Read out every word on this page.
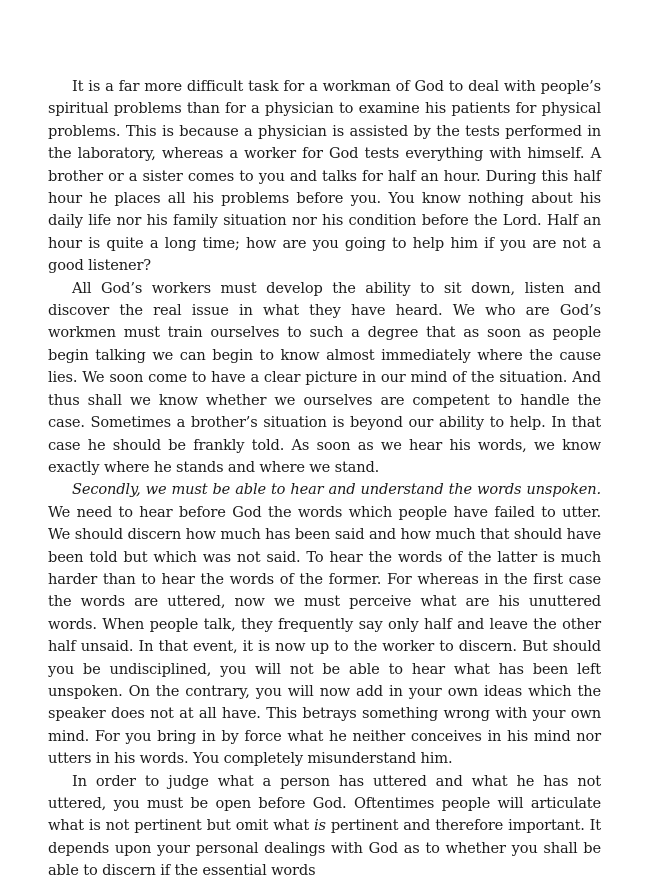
It is a far more difficult task for a workman of God to deal with people’s spiritual problems than for a physician to examine his patients for physical problems. This is because a physician is assisted by the tests performed in the laboratory, whereas a worker for God tests everything with himself. A brother or a sister comes to you and talks for half an hour. During this half hour he places all his problems before you. You know nothing about his daily life nor his family situation nor his condition before the Lord. Half an hour is quite a long time; how are you going to help him if you are not a good listener?

All God’s workers must develop the ability to sit down, listen and discover the real issue in what they have heard. We who are God’s workmen must train ourselves to such a degree that as soon as people begin talking we can begin to know almost immediately where the cause lies. We soon come to have a clear picture in our mind of the situation. And thus shall we know whether we ourselves are competent to handle the case. Sometimes a brother’s situation is beyond our ability to help. In that case he should be frankly told. As soon as we hear his words, we know exactly where he stands and where we stand.

Secondly, we must be able to hear and understand the words unspoken. We need to hear before God the words which people have failed to utter. We should discern how much has been said and how much that should have been told but which was not said. To hear the words of the latter is much harder than to hear the words of the former. For whereas in the first case the words are uttered, now we must perceive what are his unuttered words. When people talk, they frequently say only half and leave the other half unsaid. In that event, it is now up to the worker to discern. But should you be undisciplined, you will not be able to hear what has been left unspoken. On the contrary, you will now add in your own ideas which the speaker does not at all have. This betrays something wrong with your own mind. For you bring in by force what he neither conceives in his mind nor utters in his words. You completely misunderstand him.

In order to judge what a person has uttered and what he has not uttered, you must be open before God. Oftentimes people will articulate what is not pertinent but omit what is pertinent and therefore important. It depends upon your personal dealings with God as to whether you shall be able to discern if the essential words
